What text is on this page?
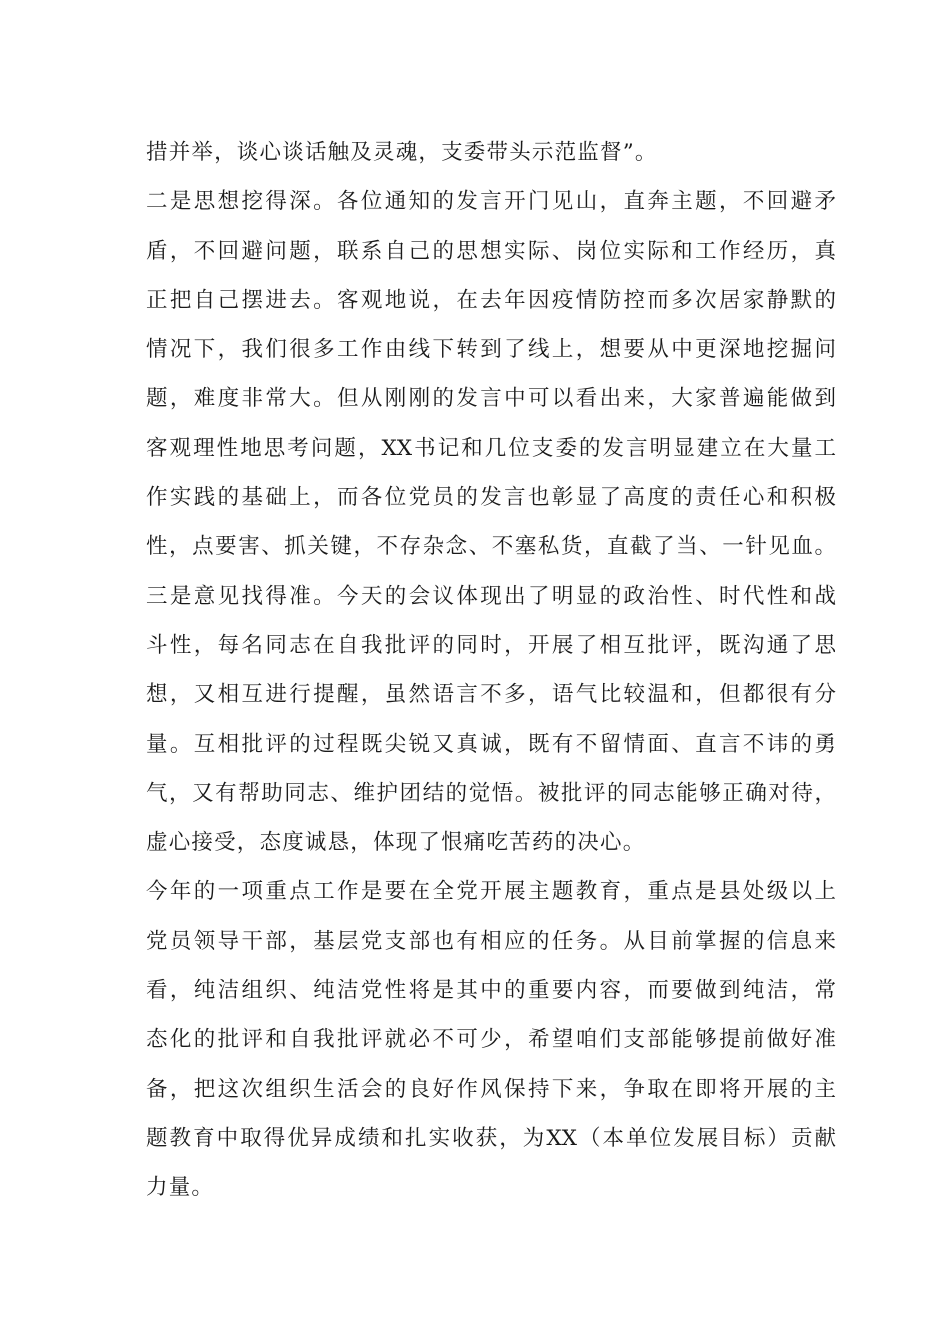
措并举，谈心谈话触及灵魂，支委带头示范监督”。
二是思想挖得深。各位通知的发言开门见山，直奔主题，不回避矛
盾，不回避问题，联系自己的思想实际、岗位实际和工作经历，真
正把自己摆进去。客观地说，在去年因疫情防控而多次居家静默的
情况下，我们很多工作由线下转到了线上，想要从中更深地挖掘问
题，难度非常大。但从刚刚的发言中可以看出来，大家普遍能做到
客观理性地思考问题，XX书记和几位支委的发言明显建立在大量工
作实践的基础上，而各位党员的发言也彰显了高度的责任心和积极
性，点要害、抓关键，不存杂念、不塞私货，直截了当、一针见血。
三是意见找得准。今天的会议体现出了明显的政治性、时代性和战
斗性，每名同志在自我批评的同时，开展了相互批评，既沟通了思
想，又相互进行提醒，虽然语言不多，语气比较温和，但都很有分
量。互相批评的过程既尖锐又真诚，既有不留情面、直言不讳的勇
气，又有帮助同志、维护团结的觉悟。被批评的同志能够正确对待，
虚心接受，态度诚恳，体现了恨痛吃苦药的决心。
今年的一项重点工作是要在全党开展主题教育，重点是县处级以上
党员领导干部，基层党支部也有相应的任务。从目前掌握的信息来
看，纯洁组织、纯洁党性将是其中的重要内容，而要做到纯洁，常
态化的批评和自我批评就必不可少，希望咱们支部能够提前做好准
备，把这次组织生活会的良好作风保持下来，争取在即将开展的主
题教育中取得优异成绩和扎实收获，为XX（本单位发展目标）贡献
力量。
